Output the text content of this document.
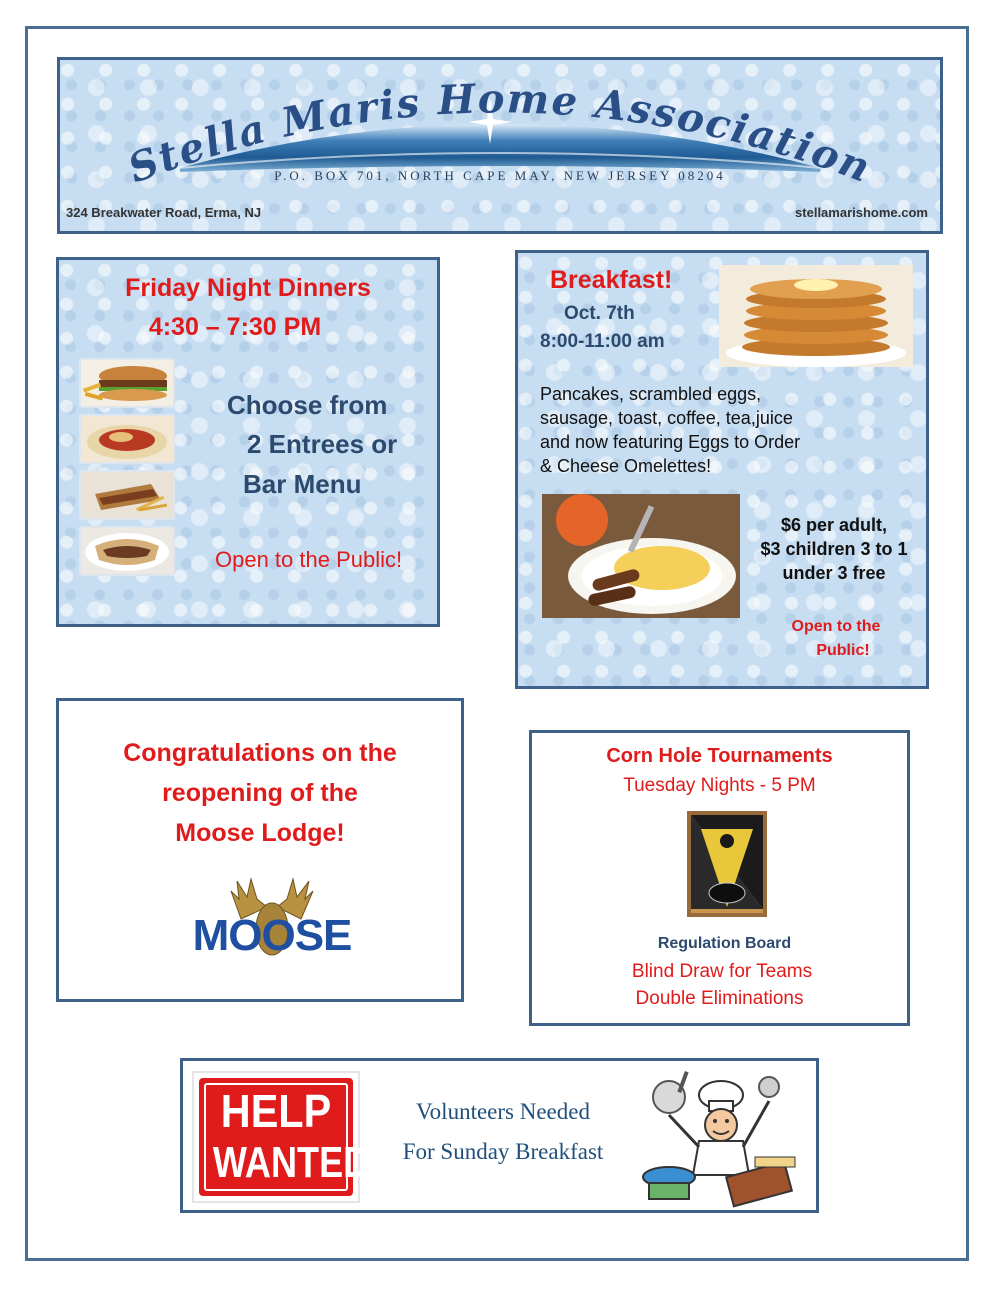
Stella Maris Home Association
P.O. BOX 701, NORTH CAPE MAY, NEW JERSEY 08204
324 Breakwater Road, Erma, NJ	stellamarishome.com
Friday Night Dinners
4:30 – 7:30 PM
Choose from
2 Entrees or
Bar Menu
Open to the Public!
Breakfast!
Oct. 7th
8:00-11:00 am
Pancakes, scrambled eggs,
sausage, toast, coffee, tea,juice
and now featuring Eggs to Order
& Cheese Omelettes!
$6 per adult,
$3 children 3 to 1
under 3 free
Open to the
Public!
Congratulations on the
reopening of the
Moose Lodge!
MOOSE
Corn Hole Tournaments
Tuesday Nights - 5 PM
Regulation Board
Blind Draw for Teams
Double Eliminations
HELP
WANTED
Volunteers Needed
For Sunday Breakfast
